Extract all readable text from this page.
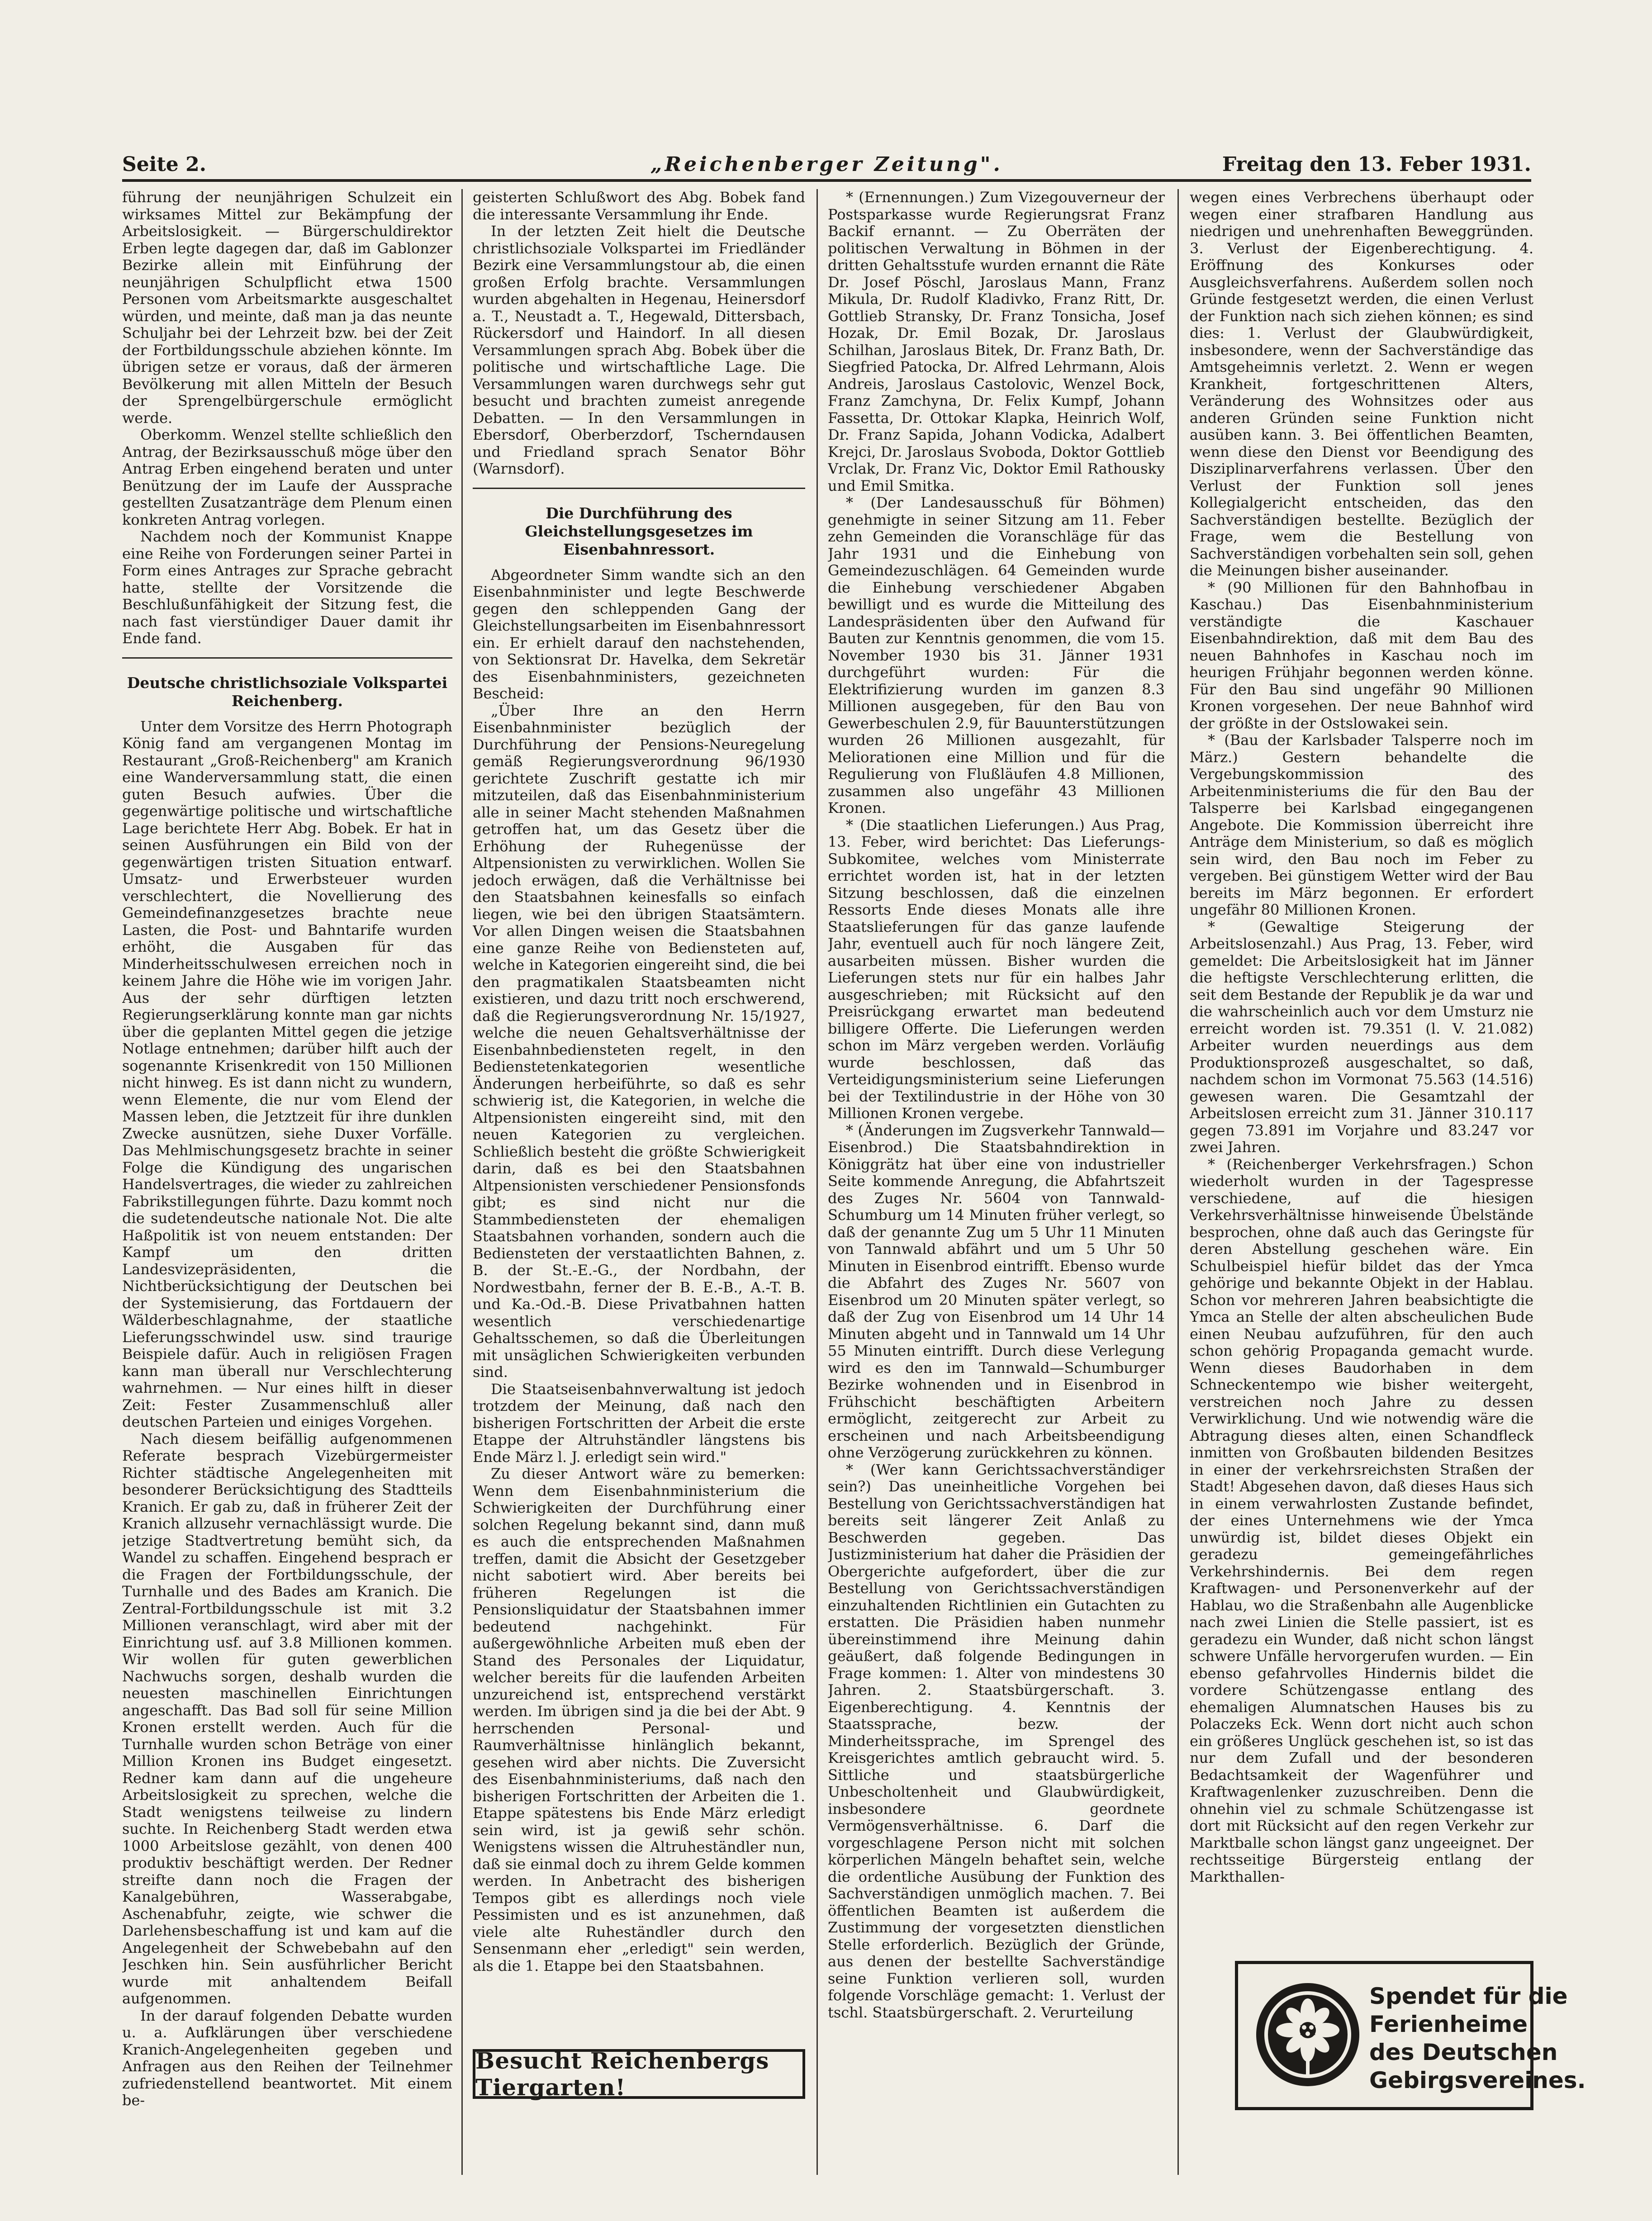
Seite 2.	„Reichenberger Zeitung".	Freitag den 13. Feber 1931.

führung der neunjährigen Schulzeit ein wirksames Mittel zur Bekämpfung der Arbeitslosigkeit. — Bürgerschuldirektor Erben legte dagegen dar, daß im Gablonzer Bezirke allein mit Einführung der neunjährigen Schulpflicht etwa 1500 Personen vom Arbeitsmarkte ausgeschaltet würden, und meinte, daß man ja das neunte Schuljahr bei der Lehrzeit bzw. bei der Zeit der Fortbildungsschule abziehen könnte. Im übrigen setze er voraus, daß der ärmeren Bevölkerung mit allen Mitteln der Besuch der Sprengelbürgerschule ermöglicht werde.

Oberkomm. Wenzel stellte schließlich den Antrag, der Bezirksausschuß möge über den Antrag Erben eingehend beraten und unter Benützung der im Laufe der Aussprache gestellten Zusatzanträge dem Plenum einen konkreten Antrag vorlegen.

Nachdem noch der Kommunist Knappe eine Reihe von Forderungen seiner Partei in Form eines Antrages zur Sprache gebracht hatte, stellte der Vorsitzende die Beschlußunfähigkeit der Sitzung fest, die nach fast vierstündiger Dauer damit ihr Ende fand.

Deutsche christlichsoziale Volkspartei Reichenberg.

Unter dem Vorsitze des Herrn Photograph König fand am vergangenen Montag im Restaurant „Groß-Reichenberg" am Kranich eine Wanderversammlung statt, die einen guten Besuch aufwies. Über die gegenwärtige politische und wirtschaftliche Lage berichtete Herr Abg. Bobek. Er hat in seinen Ausführungen ein Bild von der gegenwärtigen tristen Situation entwarf. Umsatz- und Erwerbsteuer wurden verschlechtert, die Novellierung des Gemeindefinanzgesetzes brachte neue Lasten, die Post- und Bahntarife wurden erhöht, die Ausgaben für das Minderheitsschulwesen erreichen noch in keinem Jahre die Höhe wie im vorigen Jahr. Aus der sehr dürftigen letzten Regierungserklärung konnte man gar nichts über die geplanten Mittel gegen die jetzige Notlage entnehmen; darüber hilft auch der sogenannte Krisenkredit von 150 Millionen nicht hinweg. Es ist dann nicht zu wundern, wenn Elemente, die nur vom Elend der Massen leben, die Jetztzeit für ihre dunklen Zwecke ausnützen, siehe Duxer Vorfälle. Das Mehlmischungsgesetz brachte in seiner Folge die Kündigung des ungarischen Handelsvertrages, die wieder zu zahlreichen Fabrikstillegungen führte. Dazu kommt noch die sudetendeutsche nationale Not. Die alte Haßpolitik ist von neuem entstanden: Der Kampf um den dritten Landesvizepräsidenten, die Nichtberücksichtigung der Deutschen bei der Systemisierung, das Fortdauern der Wälderbeschlagnahme, der staatliche Lieferungsschwindel usw. sind traurige Beispiele dafür. Auch in religiösen Fragen kann man überall nur Verschlechterung wahrnehmen. — Nur eines hilft in dieser Zeit: Fester Zusammenschluß aller deutschen Parteien und einiges Vorgehen.

Nach diesem beifällig aufgenommenen Referate besprach Vizebürgermeister Richter städtische Angelegenheiten mit besonderer Berücksichtigung des Stadtteils Kranich. Er gab zu, daß in früherer Zeit der Kranich allzusehr vernachlässigt wurde. Die jetzige Stadtvertretung bemüht sich, da Wandel zu schaffen. Eingehend besprach er die Fragen der Fortbildungsschule, der Turnhalle und des Bades am Kranich. Die Zentral-Fortbildungsschule ist mit 3.2 Millionen veranschlagt, wird aber mit der Einrichtung usf. auf 3.8 Millionen kommen. Wir wollen für guten gewerblichen Nachwuchs sorgen, deshalb wurden die neuesten maschinellen Einrichtungen angeschafft. Das Bad soll für seine Million Kronen erstellt werden. Auch für die Turnhalle wurden schon Beträge von einer Million Kronen ins Budget eingesetzt. Redner kam dann auf die ungeheure Arbeitslosigkeit zu sprechen, welche die Stadt wenigstens teilweise zu lindern suchte. In Reichenberg Stadt werden etwa 1000 Arbeitslose gezählt, von denen 400 produktiv beschäftigt werden. Der Redner streifte dann noch die Fragen der Kanalgebühren, Wasserabgabe, Aschenabfuhr, zeigte, wie schwer die Darlehensbeschaffung ist und kam auf die Angelegenheit der Schwebebahn auf den Jeschken hin. Sein ausführlicher Bericht wurde mit anhaltendem Beifall aufgenommen.

In der darauf folgenden Debatte wurden u. a. Aufklärungen über verschiedene Kranich-Angelegenheiten gegeben und Anfragen aus den Reihen der Teilnehmer zufriedenstellend beantwortet. Mit einem be-

geisterten Schlußwort des Abg. Bobek fand die interessante Versammlung ihr Ende.

In der letzten Zeit hielt die Deutsche christlichsoziale Volkspartei im Friedländer Bezirk eine Versammlungstour ab, die einen großen Erfolg brachte. Versammlungen wurden abgehalten in Hegenau, Heinersdorf a. T., Neustadt a. T., Hegewald, Dittersbach, Rückersdorf und Haindorf. In all diesen Versammlungen sprach Abg. Bobek über die politische und wirtschaftliche Lage. Die Versammlungen waren durchwegs sehr gut besucht und brachten zumeist anregende Debatten. — In den Versammlungen in Ebersdorf, Oberberzdorf, Tscherndausen und Friedland sprach Senator Böhr (Warnsdorf).

Die Durchführung des Gleichstellungsgesetzes im Eisenbahnressort.

Abgeordneter Simm wandte sich an den Eisenbahnminister und legte Beschwerde gegen den schleppenden Gang der Gleichstellungsarbeiten im Eisenbahnressort ein. Er erhielt darauf den nachstehenden, von Sektionsrat Dr. Havelka, dem Sekretär des Eisenbahnministers, gezeichneten Bescheid:

„Über Ihre an den Herrn Eisenbahnminister bezüglich der Durchführung der Pensions-Neuregelung gemäß Regierungsverordnung 96/1930 gerichtete Zuschrift gestatte ich mir mitzuteilen, daß das Eisenbahnministerium alle in seiner Macht stehenden Maßnahmen getroffen hat, um das Gesetz über die Erhöhung der Ruhegenüsse der Altpensionisten zu verwirklichen. Wollen Sie jedoch erwägen, daß die Verhältnisse bei den Staatsbahnen keinesfalls so einfach liegen, wie bei den übrigen Staatsämtern. Vor allen Dingen weisen die Staatsbahnen eine ganze Reihe von Bediensteten auf, welche in Kategorien eingereiht sind, die bei den pragmatikalen Staatsbeamten nicht existieren, und dazu tritt noch erschwerend, daß die Regierungsverordnung Nr. 15/1927, welche die neuen Gehaltsverhältnisse der Eisenbahnbediensteten regelt, in den Bedienstetenkategorien wesentliche Änderungen herbeiführte, so daß es sehr schwierig ist, die Kategorien, in welche die Altpensionisten eingereiht sind, mit den neuen Kategorien zu vergleichen. Schließlich besteht die größte Schwierigkeit darin, daß es bei den Staatsbahnen Altpensionisten verschiedener Pensionsfonds gibt; es sind nicht nur die Stammbediensteten der ehemaligen Staatsbahnen vorhanden, sondern auch die Bediensteten der verstaatlichten Bahnen, z. B. der St.-E.-G., der Nordbahn, der Nordwestbahn, ferner der B. E.-B., A.-T. B. und Ka.-Od.-B. Diese Privatbahnen hatten wesentlich verschiedenartige Gehaltsschemen, so daß die Überleitungen mit unsäglichen Schwierigkeiten verbunden sind.

Die Staatseisenbahnverwaltung ist jedoch trotzdem der Meinung, daß nach den bisherigen Fortschritten der Arbeit die erste Etappe der Altruhständler längstens bis Ende März l. J. erledigt sein wird."

Zu dieser Antwort wäre zu bemerken: Wenn dem Eisenbahnministerium die Schwierigkeiten der Durchführung einer solchen Regelung bekannt sind, dann muß es auch die entsprechenden Maßnahmen treffen, damit die Absicht der Gesetzgeber nicht sabotiert wird. Aber bereits bei früheren Regelungen ist die Pensionsliquidatur der Staatsbahnen immer bedeutend nachgehinkt. Für außergewöhnliche Arbeiten muß eben der Stand des Personales der Liquidatur, welcher bereits für die laufenden Arbeiten unzureichend ist, entsprechend verstärkt werden. Im übrigen sind ja die bei der Abt. 9 herrschenden Personal- und Raumverhältnisse hinlänglich bekannt, gesehen wird aber nichts. Die Zuversicht des Eisenbahnministeriums, daß nach den bisherigen Fortschritten der Arbeiten die 1. Etappe spätestens bis Ende März erledigt sein wird, ist ja gewiß sehr schön. Wenigstens wissen die Altruheständler nun, daß sie einmal doch zu ihrem Gelde kommen werden. In Anbetracht des bisherigen Tempos gibt es allerdings noch viele Pessimisten und es ist anzunehmen, daß viele alte Ruheständler durch den Sensenmann eher „erledigt" sein werden, als die 1. Etappe bei den Staatsbahnen.

Besucht Reichenbergs Tiergarten!

* (Ernennungen.) Zum Vizegouverneur der Postsparkasse wurde Regierungsrat Franz Backif ernannt. — Zu Oberräten der politischen Verwaltung in Böhmen in der dritten Gehaltsstufe wurden ernannt die Räte Dr. Josef Pöschl, Jaroslaus Mann, Franz Mikula, Dr. Rudolf Kladivko, Franz Ritt, Dr. Gottlieb Stransky, Dr. Franz Tonsicha, Josef Hozak, Dr. Emil Bozak, Dr. Jaroslaus Schilhan, Jaroslaus Bitek, Dr. Franz Bath, Dr. Siegfried Patocka, Dr. Alfred Lehrmann, Alois Andreis, Jaroslaus Castolovic, Wenzel Bock, Franz Zamchyna, Dr. Felix Kumpf, Johann Fassetta, Dr. Ottokar Klapka, Heinrich Wolf, Dr. Franz Sapida, Johann Vodicka, Adalbert Krejci, Dr. Jaroslaus Svoboda, Doktor Gottlieb Vrclak, Dr. Franz Vic, Doktor Emil Rathousky und Emil Smitka.

* (Der Landesausschuß für Böhmen) genehmigte in seiner Sitzung am 11. Feber zehn Gemeinden die Voranschläge für das Jahr 1931 und die Einhebung von Gemeindezuschlägen. 64 Gemeinden wurde die Einhebung verschiedener Abgaben bewilligt und es wurde die Mitteilung des Landespräsidenten über den Aufwand für Bauten zur Kenntnis genommen, die vom 15. November 1930 bis 31. Jänner 1931 durchgeführt wurden: Für die Elektrifizierung wurden im ganzen 8.3 Millionen ausgegeben, für den Bau von Gewerbeschulen 2.9, für Bauunterstützungen wurden 26 Millionen ausgezahlt, für Meliorationen eine Million und für die Regulierung von Flußläufen 4.8 Millionen, zusammen also ungefähr 43 Millionen Kronen.

* (Die staatlichen Lieferungen.) Aus Prag, 13. Feber, wird berichtet: Das Lieferungs-Subkomitee, welches vom Ministerrate errichtet worden ist, hat in der letzten Sitzung beschlossen, daß die einzelnen Ressorts Ende dieses Monats alle ihre Staatslieferungen für das ganze laufende Jahr, eventuell auch für noch längere Zeit, ausarbeiten müssen. Bisher wurden die Lieferungen stets nur für ein halbes Jahr ausgeschrieben; mit Rücksicht auf den Preisrückgang erwartet man bedeutend billigere Offerte. Die Lieferungen werden schon im März vergeben werden. Vorläufig wurde beschlossen, daß das Verteidigungsministerium seine Lieferungen bei der Textilindustrie in der Höhe von 30 Millionen Kronen vergebe.

* (Änderungen im Zugsverkehr Tannwald—Eisenbrod.) Die Staatsbahndirektion in Königgrätz hat über eine von industrieller Seite kommende Anregung, die Abfahrtszeit des Zuges Nr. 5604 von Tannwald-Schumburg um 14 Minuten früher verlegt, so daß der genannte Zug um 5 Uhr 11 Minuten von Tannwald abfährt und um 5 Uhr 50 Minuten in Eisenbrod eintrifft. Ebenso wurde die Abfahrt des Zuges Nr. 5607 von Eisenbrod um 20 Minuten später verlegt, so daß der Zug von Eisenbrod um 14 Uhr 14 Minuten abgeht und in Tannwald um 14 Uhr 55 Minuten eintrifft. Durch diese Verlegung wird es den im Tannwald—Schumburger Bezirke wohnenden und in Eisenbrod in Frühschicht beschäftigten Arbeitern ermöglicht, zeitgerecht zur Arbeit zu erscheinen und nach Arbeitsbeendigung ohne Verzögerung zurückkehren zu können.

* (Wer kann Gerichtssachverständiger sein?) Das uneinheitliche Vorgehen bei Bestellung von Gerichtssachverständigen hat bereits seit längerer Zeit Anlaß zu Beschwerden gegeben. Das Justizministerium hat daher die Präsidien der Obergerichte aufgefordert, über die zur Bestellung von Gerichtssachverständigen einzuhaltenden Richtlinien ein Gutachten zu erstatten. Die Präsidien haben nunmehr übereinstimmend ihre Meinung dahin geäußert, daß folgende Bedingungen in Frage kommen: 1. Alter von mindestens 30 Jahren. 2. Staatsbürgerschaft. 3. Eigenberechtigung. 4. Kenntnis der Staatssprache, bezw. der Minderheitssprache, im Sprengel des Kreisgerichtes amtlich gebraucht wird. 5. Sittliche und staatsbürgerliche Unbescholtenheit und Glaubwürdigkeit, insbesondere geordnete Vermögensverhältnisse. 6. Darf die vorgeschlagene Person nicht mit solchen körperlichen Mängeln behaftet sein, welche die ordentliche Ausübung der Funktion des Sachverständigen unmöglich machen. 7. Bei öffentlichen Beamten ist außerdem die Zustimmung der vorgesetzten dienstlichen Stelle erforderlich. Bezüglich der Gründe, aus denen der bestellte Sachverständige seine Funktion verlieren soll, wurden folgende Vorschläge gemacht: 1. Verlust der tschl. Staatsbürgerschaft. 2. Verurteilung

wegen eines Verbrechens überhaupt oder wegen einer strafbaren Handlung aus niedrigen und unehrenhaften Beweggründen. 3. Verlust der Eigenberechtigung. 4. Eröffnung des Konkurses oder Ausgleichsverfahrens. Außerdem sollen noch Gründe festgesetzt werden, die einen Verlust der Funktion nach sich ziehen können; es sind dies: 1. Verlust der Glaubwürdigkeit, insbesondere, wenn der Sachverständige das Amtsgeheimnis verletzt. 2. Wenn er wegen Krankheit, fortgeschrittenen Alters, Veränderung des Wohnsitzes oder aus anderen Gründen seine Funktion nicht ausüben kann. 3. Bei öffentlichen Beamten, wenn diese den Dienst vor Beendigung des Disziplinarverfahrens verlassen. Über den Verlust der Funktion soll jenes Kollegialgericht entscheiden, das den Sachverständigen bestellte. Bezüglich der Frage, wem die Bestellung von Sachverständigen vorbehalten sein soll, gehen die Meinungen bisher auseinander.

* (90 Millionen für den Bahnhofbau in Kaschau.) Das Eisenbahnministerium verständigte die Kaschauer Eisenbahndirektion, daß mit dem Bau des neuen Bahnhofes in Kaschau noch im heurigen Frühjahr begonnen werden könne. Für den Bau sind ungefähr 90 Millionen Kronen vorgesehen. Der neue Bahnhof wird der größte in der Ostslowakei sein.

* (Bau der Karlsbader Talsperre noch im März.) Gestern behandelte die Vergebungskommission des Arbeitenministeriums die für den Bau der Talsperre bei Karlsbad eingegangenen Angebote. Die Kommission überreicht ihre Anträge dem Ministerium, so daß es möglich sein wird, den Bau noch im Feber zu vergeben. Bei günstigem Wetter wird der Bau bereits im März begonnen. Er erfordert ungefähr 80 Millionen Kronen.

* (Gewaltige Steigerung der Arbeitslosenzahl.) Aus Prag, 13. Feber, wird gemeldet: Die Arbeitslosigkeit hat im Jänner die heftigste Verschlechterung erlitten, die seit dem Bestande der Republik je da war und die wahrscheinlich auch vor dem Umsturz nie erreicht worden ist. 79.351 (l. V. 21.082) Arbeiter wurden neuerdings aus dem Produktionsprozeß ausgeschaltet, so daß, nachdem schon im Vormonat 75.563 (14.516) gewesen waren. Die Gesamtzahl der Arbeitslosen erreicht zum 31. Jänner 310.117 gegen 73.891 im Vorjahre und 83.247 vor zwei Jahren.

* (Reichenberger Verkehrsfragen.) Schon wiederholt wurden in der Tagespresse verschiedene, auf die hiesigen Verkehrsverhältnisse hinweisende Übelstände besprochen, ohne daß auch das Geringste für deren Abstellung geschehen wäre. Ein Schulbeispiel hiefür bildet das der Ymca gehörige und bekannte Objekt in der Hablau. Schon vor mehreren Jahren beabsichtigte die Ymca an Stelle der alten abscheulichen Bude einen Neubau aufzuführen, für den auch schon gehörig Propaganda gemacht wurde. Wenn dieses Baudorhaben in dem Schneckentempo wie bisher weitergeht, verstreichen noch Jahre zu dessen Verwirklichung. Und wie notwendig wäre die Abtragung dieses alten, einen Schandfleck inmitten von Großbauten bildenden Besitzes in einer der verkehrsreichsten Straßen der Stadt! Abgesehen davon, daß dieses Haus sich in einem verwahrlosten Zustande befindet, der eines Unternehmens wie der Ymca unwürdig ist, bildet dieses Objekt ein geradezu gemeingefährliches Verkehrshindernis. Bei dem regen Kraftwagen- und Personenverkehr auf der Hablau, wo die Straßenbahn alle Augenblicke nach zwei Linien die Stelle passiert, ist es geradezu ein Wunder, daß nicht schon längst schwere Unfälle hervorgerufen wurden. — Ein ebenso gefahrvolles Hindernis bildet die vordere Schützengasse entlang des ehemaligen Alumnatschen Hauses bis zu Polaczeks Eck. Wenn dort nicht auch schon ein größeres Unglück geschehen ist, so ist das nur dem Zufall und der besonderen Bedachtsamkeit der Wagenführer und Kraftwagenlenker zuzuschreiben. Denn die ohnehin viel zu schmale Schützengasse ist dort mit Rücksicht auf den regen Verkehr zur Marktballe schon längst ganz ungeeignet. Der rechtsseitige Bürgersteig entlang der Markthallen-

Spendet für die
Ferienheime
des Deutschen
Gebirgsvereines.
